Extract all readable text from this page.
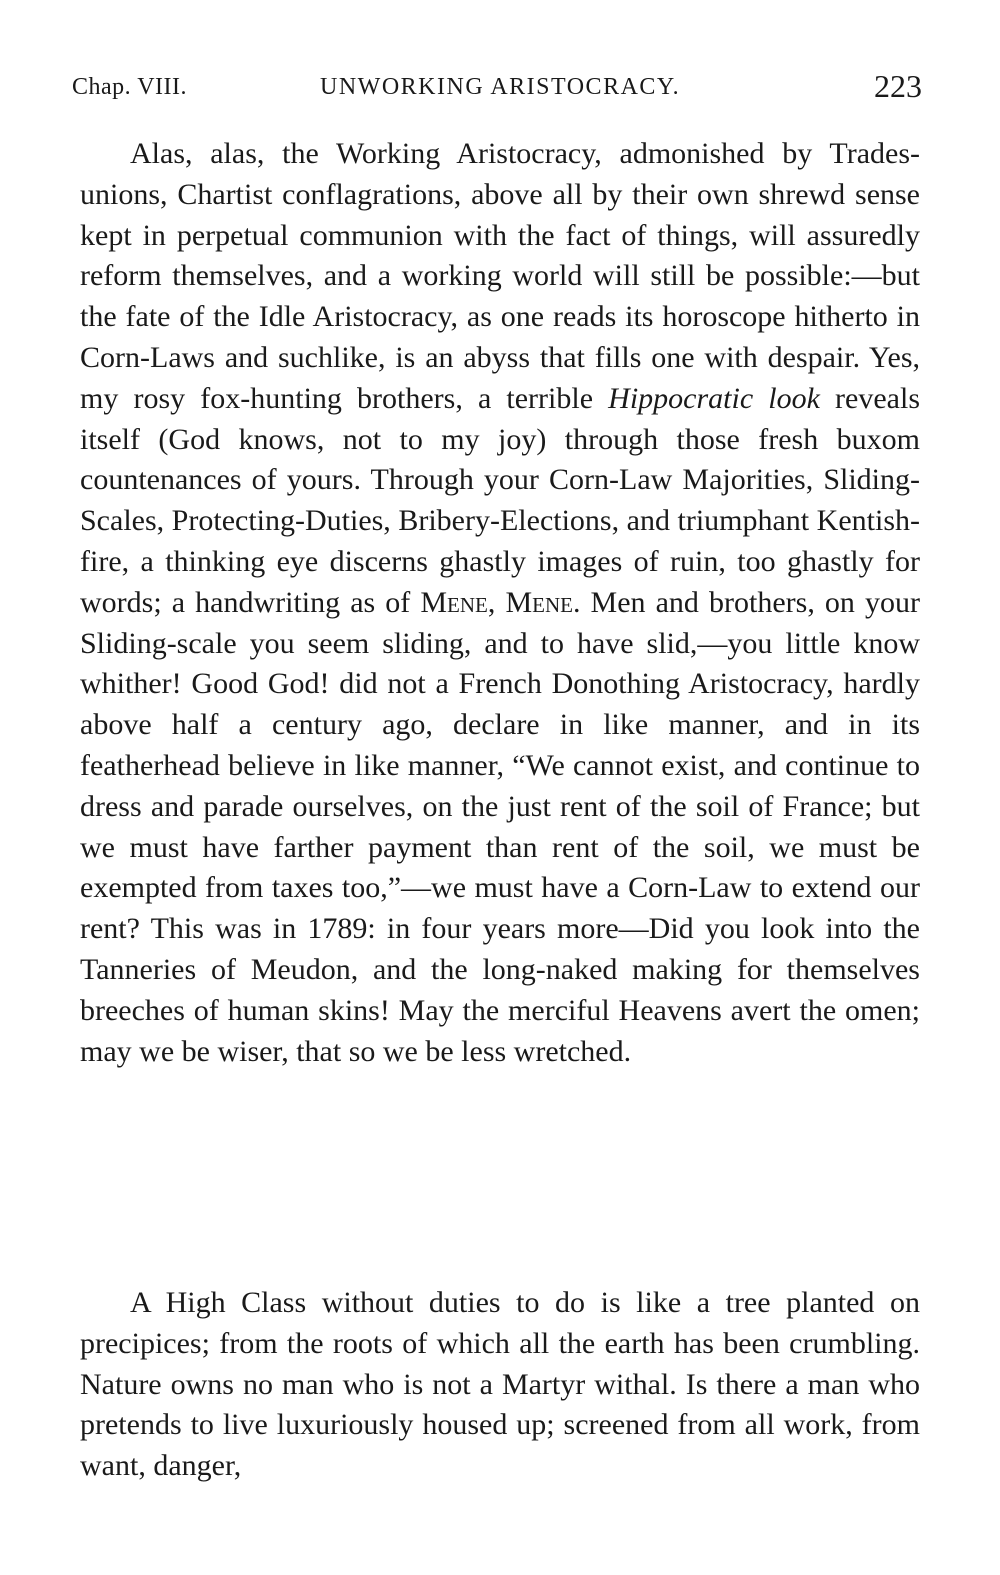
Chap. VIII.	UNWORKING ARISTOCRACY.	223

Alas, alas, the Working Aristocracy, admonished by Trades-unions, Chartist conflagrations, above all by their own shrewd sense kept in perpetual communion with the fact of things, will assuredly reform themselves, and a working world will still be possible:—but the fate of the Idle Aristocracy, as one reads its horoscope hitherto in Corn-Laws and suchlike, is an abyss that fills one with despair. Yes, my rosy fox-hunting brothers, a terrible Hippocratic look reveals itself (God knows, not to my joy) through those fresh buxom countenances of yours. Through your Corn-Law Majorities, Sliding-Scales, Protecting-Duties, Bribery-Elections, and triumphant Kentish-fire, a thinking eye discerns ghastly images of ruin, too ghastly for words; a handwriting as of Mene, Mene. Men and brothers, on your Sliding-scale you seem sliding, and to have slid,—you little know whither! Good God! did not a French Donothing Aristocracy, hardly above half a century ago, declare in like manner, and in its featherhead believe in like manner, “We cannot exist, and continue to dress and parade ourselves, on the just rent of the soil of France; but we must have farther payment than rent of the soil, we must be exempted from taxes too,”—we must have a Corn-Law to extend our rent? This was in 1789: in four years more—Did you look into the Tanneries of Meudon, and the long-naked making for themselves breeches of human skins! May the merciful Heavens avert the omen; may we be wiser, that so we be less wretched.

A High Class without duties to do is like a tree planted on precipices; from the roots of which all the earth has been crumbling. Nature owns no man who is not a Martyr withal. Is there a man who pretends to live luxuriously housed up; screened from all work, from want, danger,
